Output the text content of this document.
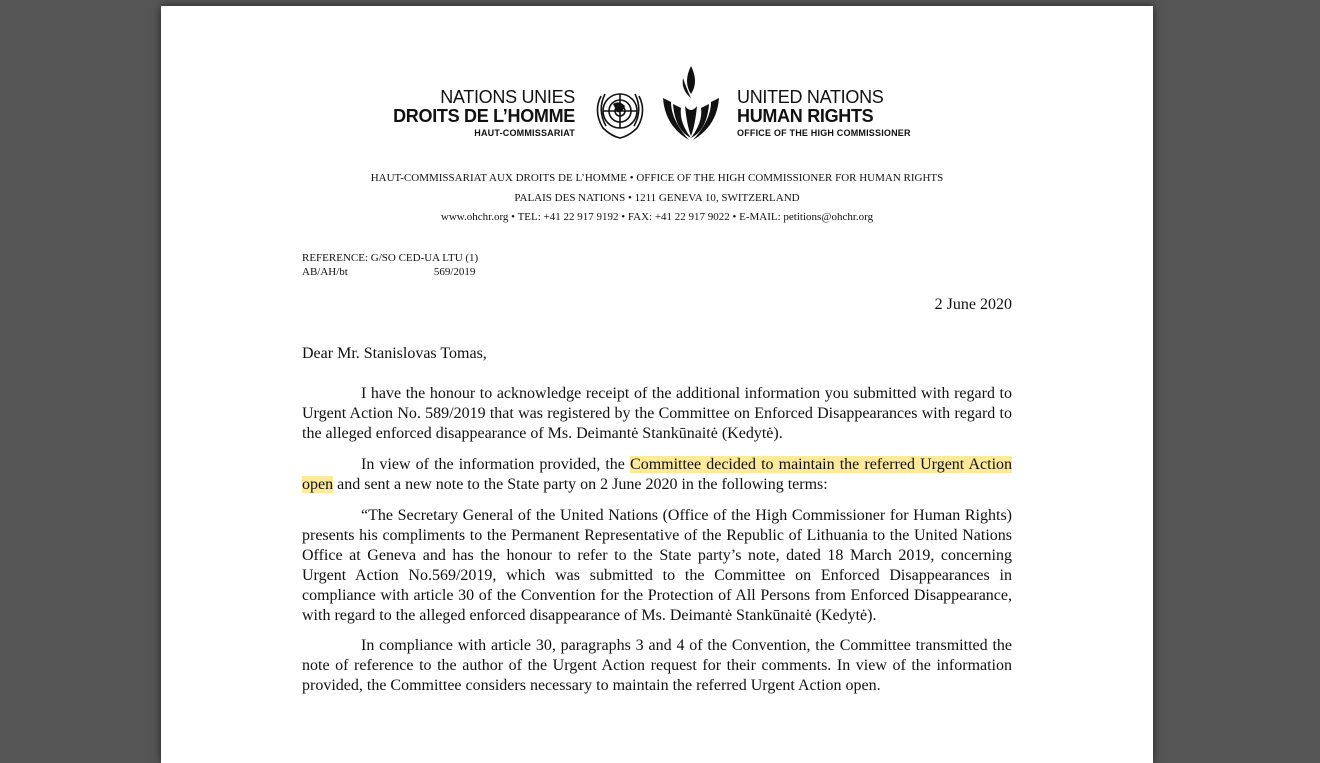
NATIONS UNIES
DROITS DE L’HOMME
HAUT-COMMISSARIAT
UNITED NATIONS
HUMAN RIGHTS
OFFICE OF THE HIGH COMMISSIONER
HAUT-COMMISSARIAT AUX DROITS DE L’HOMME • OFFICE OF THE HIGH COMMISSIONER FOR HUMAN RIGHTS
PALAIS DES NATIONS • 1211 GENEVA 10, SWITZERLAND
www.ohchr.org • TEL: +41 22 917 9192 • FAX: +41 22 917 9022 • E-MAIL: petitions@ohchr.org
REFERENCE: G/SO CED-UA LTU (1)
AB/AH/bt	569/2019
2 June 2020

Dear Mr. Stanislovas Tomas,

I have the honour to acknowledge receipt of the additional information you submitted with regard to Urgent Action No. 589/2019 that was registered by the Committee on Enforced Disappearances with regard to the alleged enforced disappearance of Ms. Deimantė Stankūnaitė (Kedytė).

In view of the information provided, the Committee decided to maintain the referred Urgent Action open and sent a new note to the State party on 2 June 2020 in the following terms:

“The Secretary General of the United Nations (Office of the High Commissioner for Human Rights) presents his compliments to the Permanent Representative of the Republic of Lithuania to the United Nations Office at Geneva and has the honour to refer to the State party’s note, dated 18 March 2019, concerning Urgent Action No.569/2019, which was submitted to the Committee on Enforced Disappearances in compliance with article 30 of the Convention for the Protection of All Persons from Enforced Disappearance, with regard to the alleged enforced disappearance of Ms. Deimantė Stankūnaitė (Kedytė).

In compliance with article 30, paragraphs 3 and 4 of the Convention, the Committee transmitted the note of reference to the author of the Urgent Action request for their comments. In view of the information provided, the Committee considers necessary to maintain the referred Urgent Action open.
